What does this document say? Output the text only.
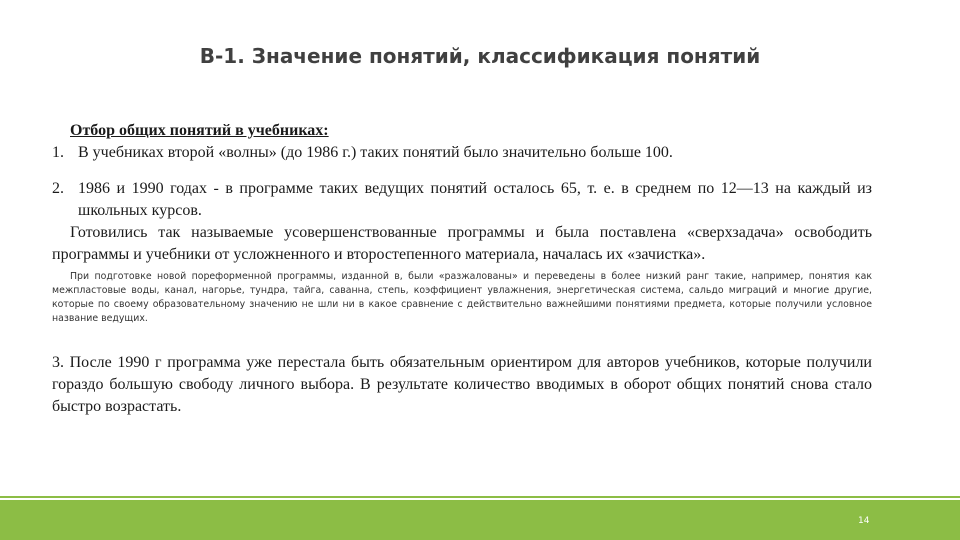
В-1. Значение понятий, классификация понятий
Отбор общих понятий в учебниках:
1. В учебниках второй «волны» (до 1986 г.) таких понятий было значительно больше 100.
2. 1986 и 1990 годах - в программе таких ведущих понятий осталось 65, т. е. в среднем по 12—13 на каждый из школьных курсов.
Готовились так называемые усовершенствованные программы и была поставлена «сверхзадача» освободить программы и учебники от усложненного и второстепенного материала, началась их «зачистка».
При подготовке новой пореформенной программы, изданной в, были «разжалованы» и переведены в более низкий ранг такие, например, понятия как межпластовые воды, канал, нагорье, тундра, тайга, саванна, степь, коэффициент увлажнения, энергетическая система, сальдо миграций и многие другие, которые по своему образовательному значению не шли ни в какое сравнение с действительно важнейшими понятиями предмета, которые получили условное название ведущих.
3. После 1990 г программа уже перестала быть обязательным ориентиром для авторов учебников, которые получили гораздо большую свободу личного выбора. В результате количество вводимых в оборот общих понятий снова стало быстро возрастать.
14
